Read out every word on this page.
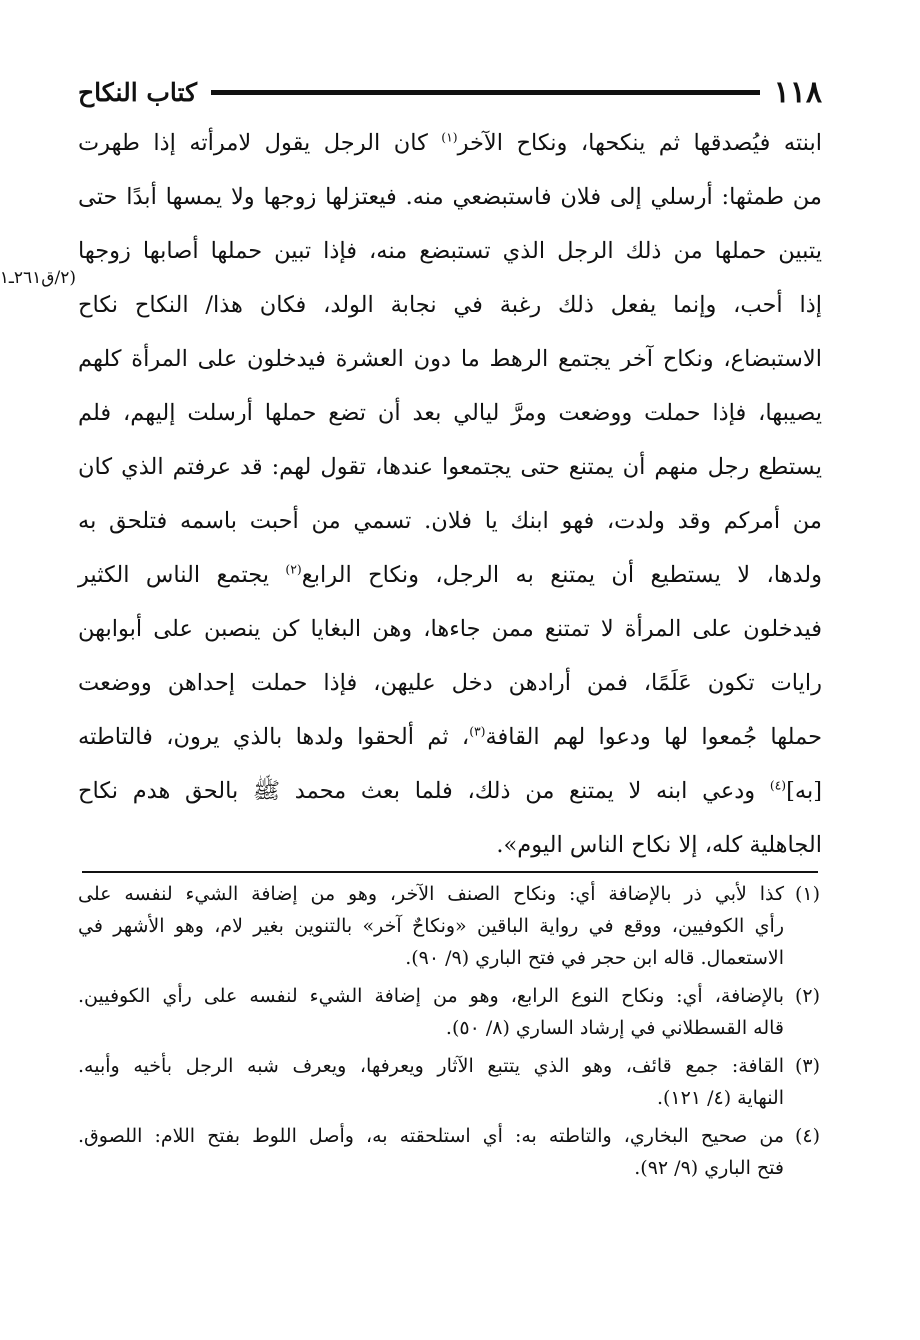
١١٨
كتاب النكاح
(٢/ق٢٦١ـ١
ابنته فيُصدقها ثم ينكحها، ونكاح الآخر$^{(١)}$ كان الرجل يقول لامرأته إذا طهرت
من طمثها: أرسلي إلى فلان فاستبضعي منه. فيعتزلها زوجها ولا يمسها أبدًا حتى
يتبين حملها من ذلك الرجل الذي تستبضع منه، فإذا تبين حملها أصابها زوجها
إذا أحب، وإنما يفعل ذلك رغبة في نجابة الولد، فكان هذا/ النكاح نكاح
الاستبضاع، ونكاح آخر يجتمع الرهط ما دون العشرة فيدخلون على المرأة كلهم
يصيبها، فإذا حملت ووضعت ومرَّ ليالي بعد أن تضع حملها أرسلت إليهم، فلم
يستطع رجل منهم أن يمتنع حتى يجتمعوا عندها، تقول لهم: قد عرفتم الذي كان
من أمركم وقد ولدت، فهو ابنك يا فلان. تسمي من أحبت باسمه فتلحق به
ولدها، لا يستطيع أن يمتنع به الرجل، ونكاح الرابع$^{(٢)}$ يجتمع الناس الكثير
فيدخلون على المرأة لا تمتنع ممن جاءها، وهن البغايا كن ينصبن على أبوابهن
رايات تكون عَلَمًا، فمن أرادهن دخل عليهن، فإذا حملت إحداهن ووضعت
حملها جُمعوا لها ودعوا لهم القافة$^{(٣)}$، ثم ألحقوا ولدها بالذي يرون، فالتاطته
[به]$^{(٤)}$ ودعي ابنه لا يمتنع من ذلك، فلما بعث محمد ﷺ بالحق هدم نكاح
الجاهلية كله، إلا نكاح الناس اليوم».
(١)
كذا لأبي ذر بالإضافة أي: ونكاح الصنف الآخر، وهو من إضافة الشيء لنفسه على
رأي الكوفيين، ووقع في رواية الباقين «ونكاحٌ آخر» بالتنوين بغير لام، وهو الأشهر في
الاستعمال. قاله ابن حجر في فتح الباري (٩/ ٩٠).
(٢)
بالإضافة، أي: ونكاح النوع الرابع، وهو من إضافة الشيء لنفسه على رأي الكوفيين.
قاله القسطلاني في إرشاد الساري (٨/ ٥٠).
(٣)
القافة: جمع قائف، وهو الذي يتتبع الآثار ويعرفها، ويعرف شبه الرجل بأخيه وأبيه.
النهاية (٤/ ١٢١).
(٤)
من صحيح البخاري، والتاطته به: أي استلحقته به، وأصل اللوط بفتح اللام: اللصوق.
فتح الباري (٩/ ٩٢).
